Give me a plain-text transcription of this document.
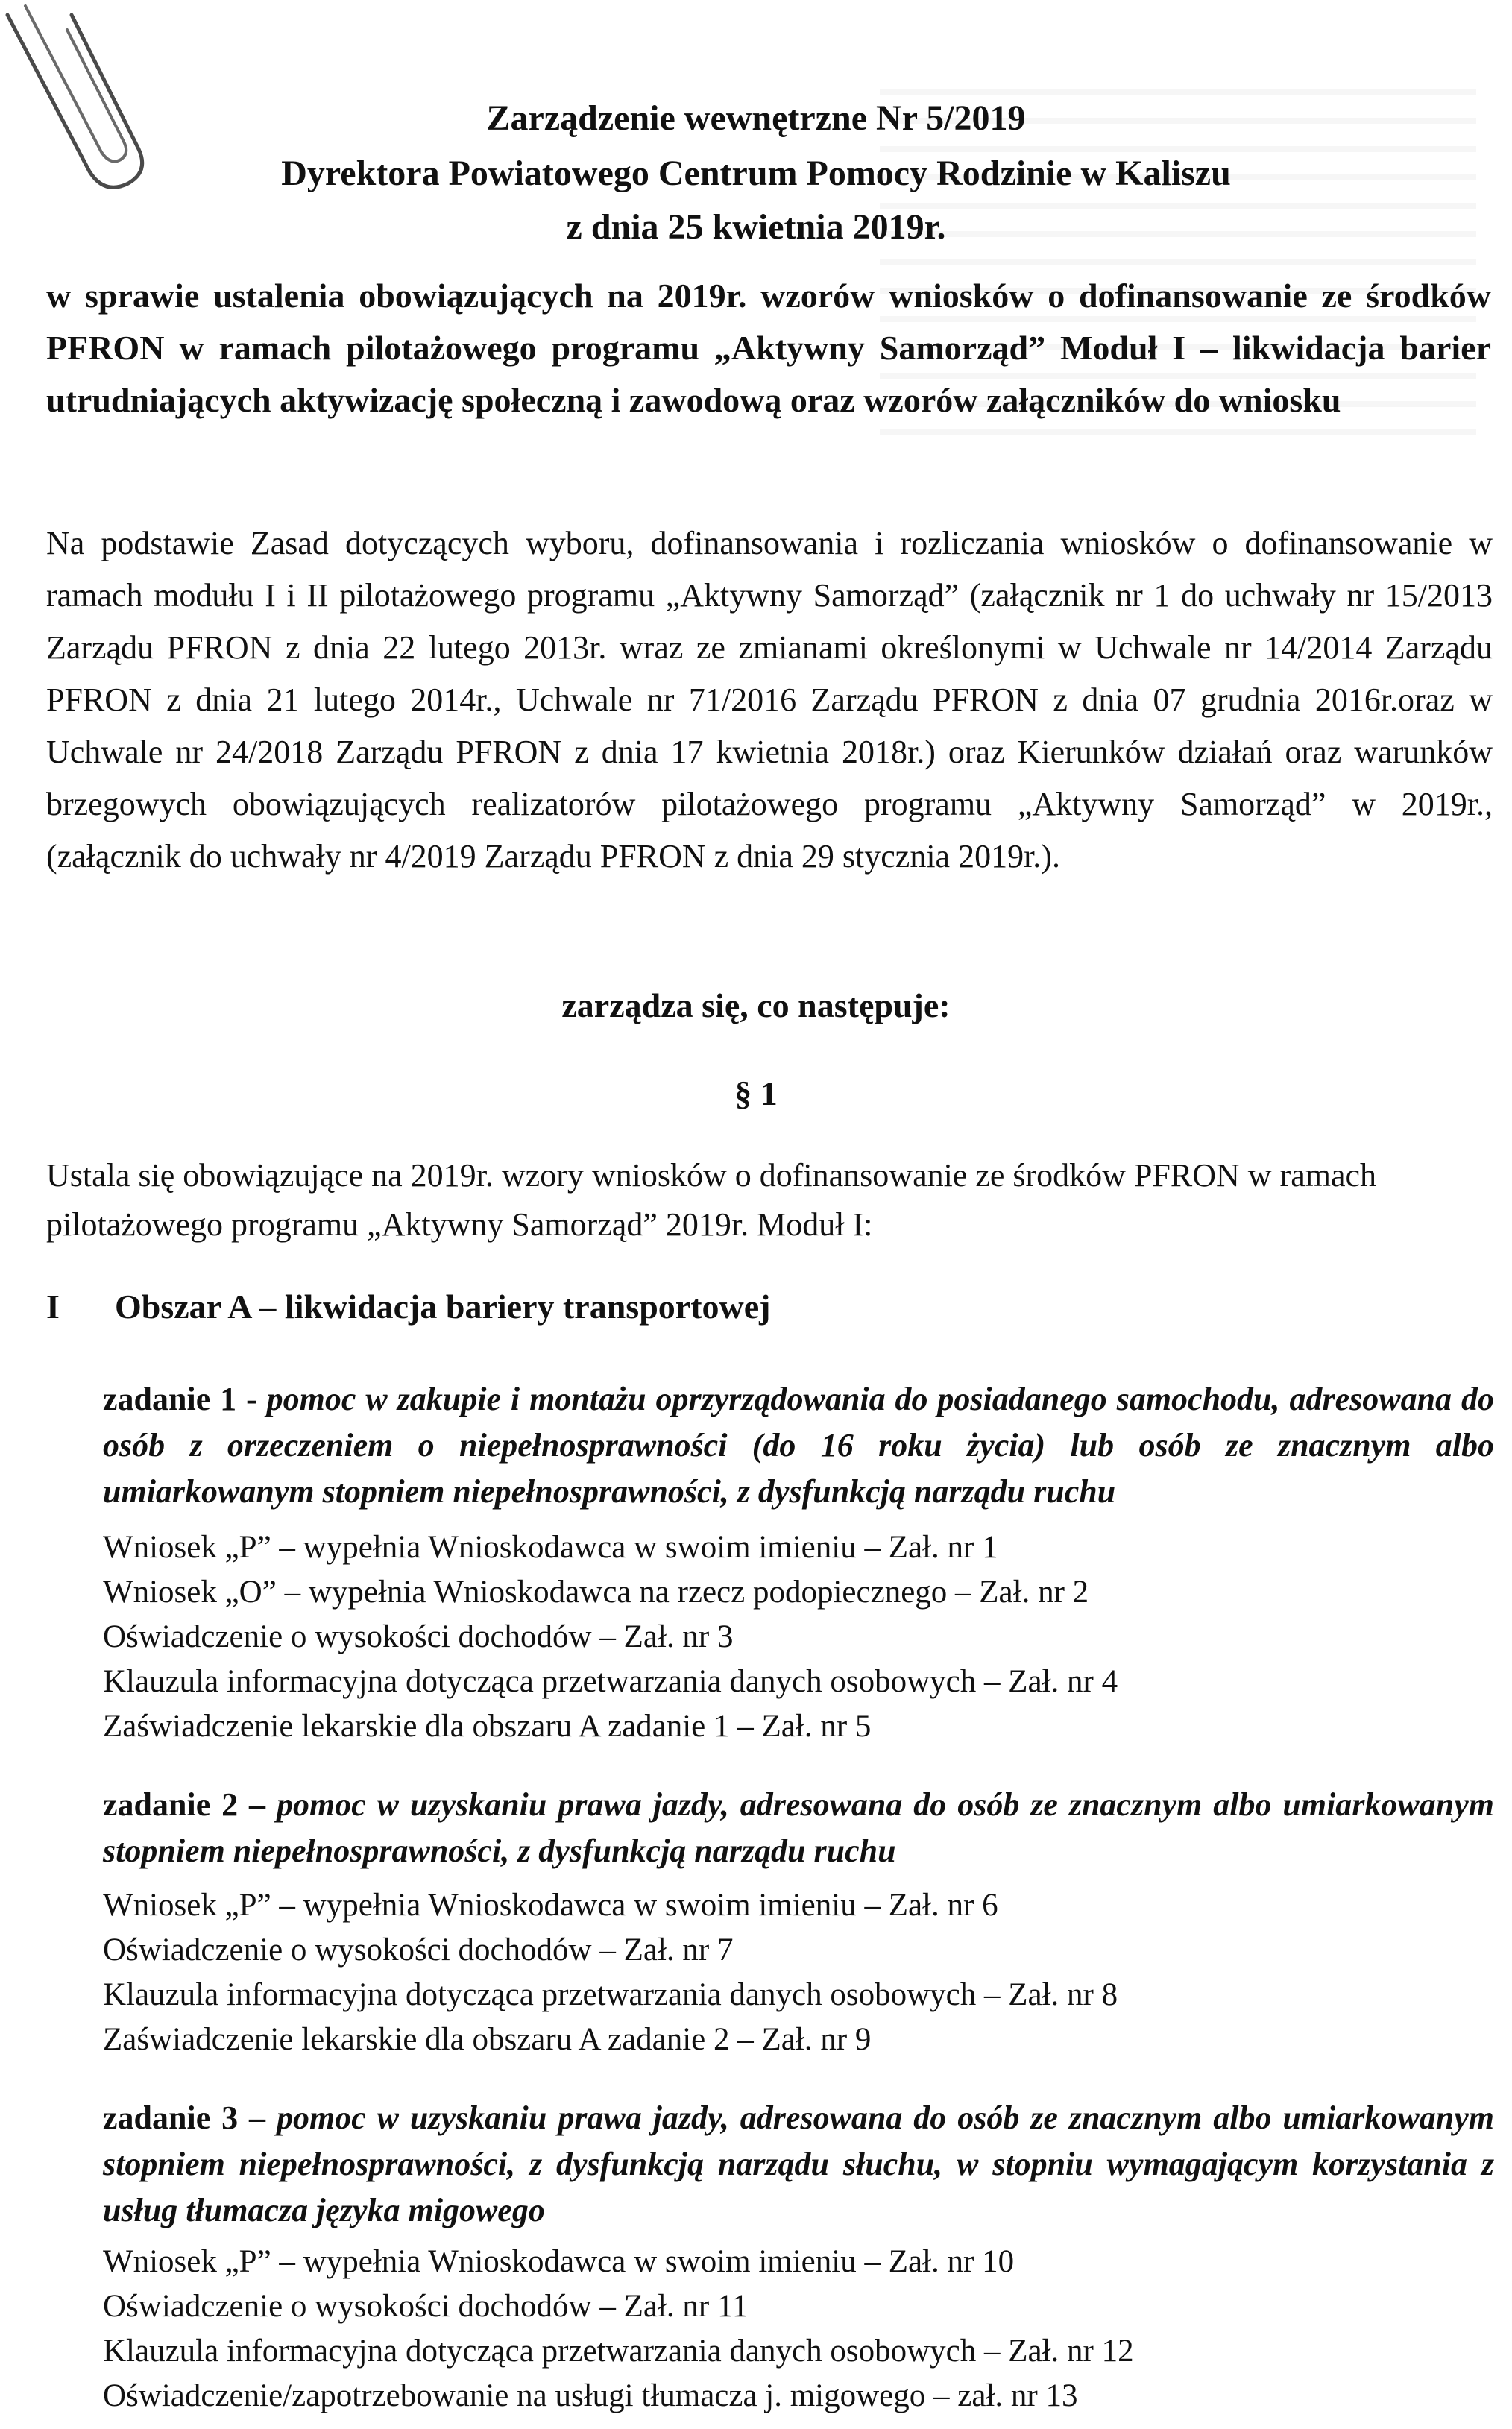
Zarządzenie wewnętrzne Nr 5/2019
Dyrektora Powiatowego Centrum Pomocy Rodzinie w Kaliszu
z dnia 25 kwietnia 2019r.
w sprawie ustalenia obowiązujących na 2019r. wzorów wniosków o dofinansowanie ze środków PFRON w ramach pilotażowego programu „Aktywny Samorząd” Moduł I – likwidacja barier utrudniających aktywizację społeczną i zawodową oraz wzorów załączników do wniosku
Na podstawie Zasad dotyczących wyboru, dofinansowania i rozliczania wniosków o dofinansowanie w ramach modułu I i II pilotażowego programu „Aktywny Samorząd” (załącznik nr 1 do uchwały nr 15/2013 Zarządu PFRON z dnia 22 lutego 2013r. wraz ze zmianami określonymi w Uchwale nr 14/2014 Zarządu PFRON z dnia 21 lutego 2014r., Uchwale nr 71/2016 Zarządu PFRON z dnia 07 grudnia 2016r.oraz w Uchwale nr 24/2018 Zarządu PFRON z dnia 17 kwietnia 2018r.) oraz Kierunków działań oraz warunków brzegowych obowiązujących realizatorów pilotażowego programu „Aktywny Samorząd” w 2019r., (załącznik do uchwały nr 4/2019 Zarządu PFRON z dnia 29 stycznia 2019r.).
zarządza się, co następuje:
§ 1
Ustala się obowiązujące na 2019r. wzory wniosków o dofinansowanie ze środków PFRON w ramach pilotażowego programu „Aktywny Samorząd” 2019r. Moduł I:
I Obszar A – likwidacja bariery transportowej
zadanie 1 - pomoc w zakupie i montażu oprzyrządowania do posiadanego samochodu, adresowana do osób z orzeczeniem o niepełnosprawności (do 16 roku życia) lub osób ze znacznym albo umiarkowanym stopniem niepełnosprawności, z dysfunkcją narządu ruchu
Wniosek „P” – wypełnia Wnioskodawca w swoim imieniu – Zał. nr 1
Wniosek „O” – wypełnia Wnioskodawca na rzecz podopiecznego – Zał. nr 2
Oświadczenie o wysokości dochodów – Zał. nr 3
Klauzula informacyjna dotycząca przetwarzania danych osobowych – Zał. nr 4
Zaświadczenie lekarskie dla obszaru A zadanie 1 – Zał. nr 5
zadanie 2 – pomoc w uzyskaniu prawa jazdy, adresowana do osób ze znacznym albo umiarkowanym stopniem niepełnosprawności, z dysfunkcją narządu ruchu
Wniosek „P” – wypełnia Wnioskodawca w swoim imieniu – Zał. nr 6
Oświadczenie o wysokości dochodów – Zał. nr 7
Klauzula informacyjna dotycząca przetwarzania danych osobowych – Zał. nr 8
Zaświadczenie lekarskie dla obszaru A zadanie 2 – Zał. nr 9
zadanie 3 – pomoc w uzyskaniu prawa jazdy, adresowana do osób ze znacznym albo umiarkowanym stopniem niepełnosprawności, z dysfunkcją narządu słuchu, w stopniu wymagającym korzystania z usług tłumacza języka migowego
Wniosek „P” – wypełnia Wnioskodawca w swoim imieniu – Zał. nr 10
Oświadczenie o wysokości dochodów – Zał. nr 11
Klauzula informacyjna dotycząca przetwarzania danych osobowych – Zał. nr 12
Oświadczenie/zapotrzebowanie na usługi tłumacza j. migowego – zał. nr 13
